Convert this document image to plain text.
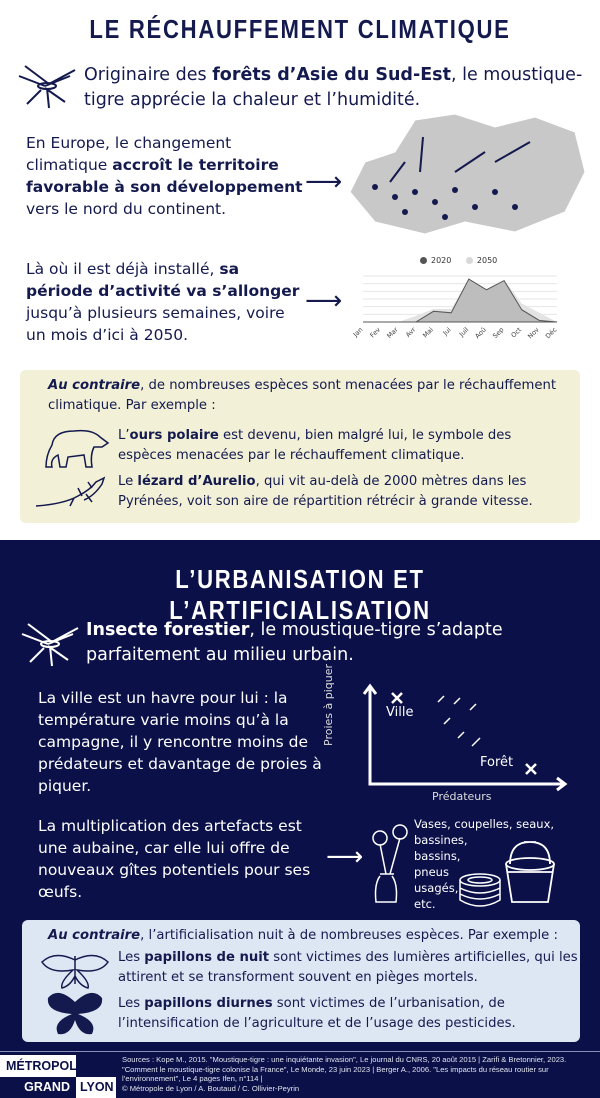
LE RÉCHAUFFEMENT CLIMATIQUE
Originaire des forêts d’Asie du Sud-Est, le moustique-tigre apprécie la chaleur et l’humidité.
En Europe, le changement climatique accroît le territoire favorable à son développement vers le nord du continent.
⟶
Là où il est déjà installé, sa période d’activité va s’allonger jusqu’à plusieurs semaines, voire un mois d’ici à 2050.
⟶
2020	2050
Jan Fev Mar Avr Mai Jui Juil Aoû Sep Oct Nov Déc
Au contraire, de nombreuses espèces sont menacées par le réchauffement climatique. Par exemple :
L’ours polaire est devenu, bien malgré lui, le symbole des espèces menacées par le réchauffement climatique.
Le lézard d’Aurelio, qui vit au-delà de 2000 mètres dans les Pyrénées, voit son aire de répartition rétrécir à grande vitesse.
L’URBANISATION ET L’ARTIFICIALISATION
Insecte forestier, le moustique-tigre s’adapte parfaitement au milieu urbain.
La ville est un havre pour lui : la température varie moins qu’à la campagne, il y rencontre moins de prédateurs et davantage de proies à piquer.
Proies à piquer
Prédateurs
Ville
Forêt
La multiplication des artefacts est une aubaine, car elle lui offre de nouveaux gîtes potentiels pour ses œufs.
⟶
Vases, coupelles, seaux,
bassines,
bassins,
pneus
usagés,
etc.
Au contraire, l’artificialisation nuit à de nombreuses espèces. Par exemple :
Les papillons de nuit sont victimes des lumières artificielles, qui les attirent et se transforment souvent en pièges mortels.
Les papillons diurnes sont victimes de l’urbanisation, de l’intensification de l’agriculture et de l’usage des pesticides.
MÉTROPOLE
GRAND LYON
Sources : Kope M., 2015. "Moustique-tigre : une inquiétante invasion", Le journal du CNRS, 20 août 2015 | Zarifi & Bretonnier, 2023. "Comment le moustique-tigre colonise la France", Le Monde, 23 juin 2023 | Berger A., 2006. "Les impacts du réseau routier sur l’environnement", Le 4 pages Ifen, n°114 |
© Métropole de Lyon / A. Boutaud / C. Ollivier-Peyrin
